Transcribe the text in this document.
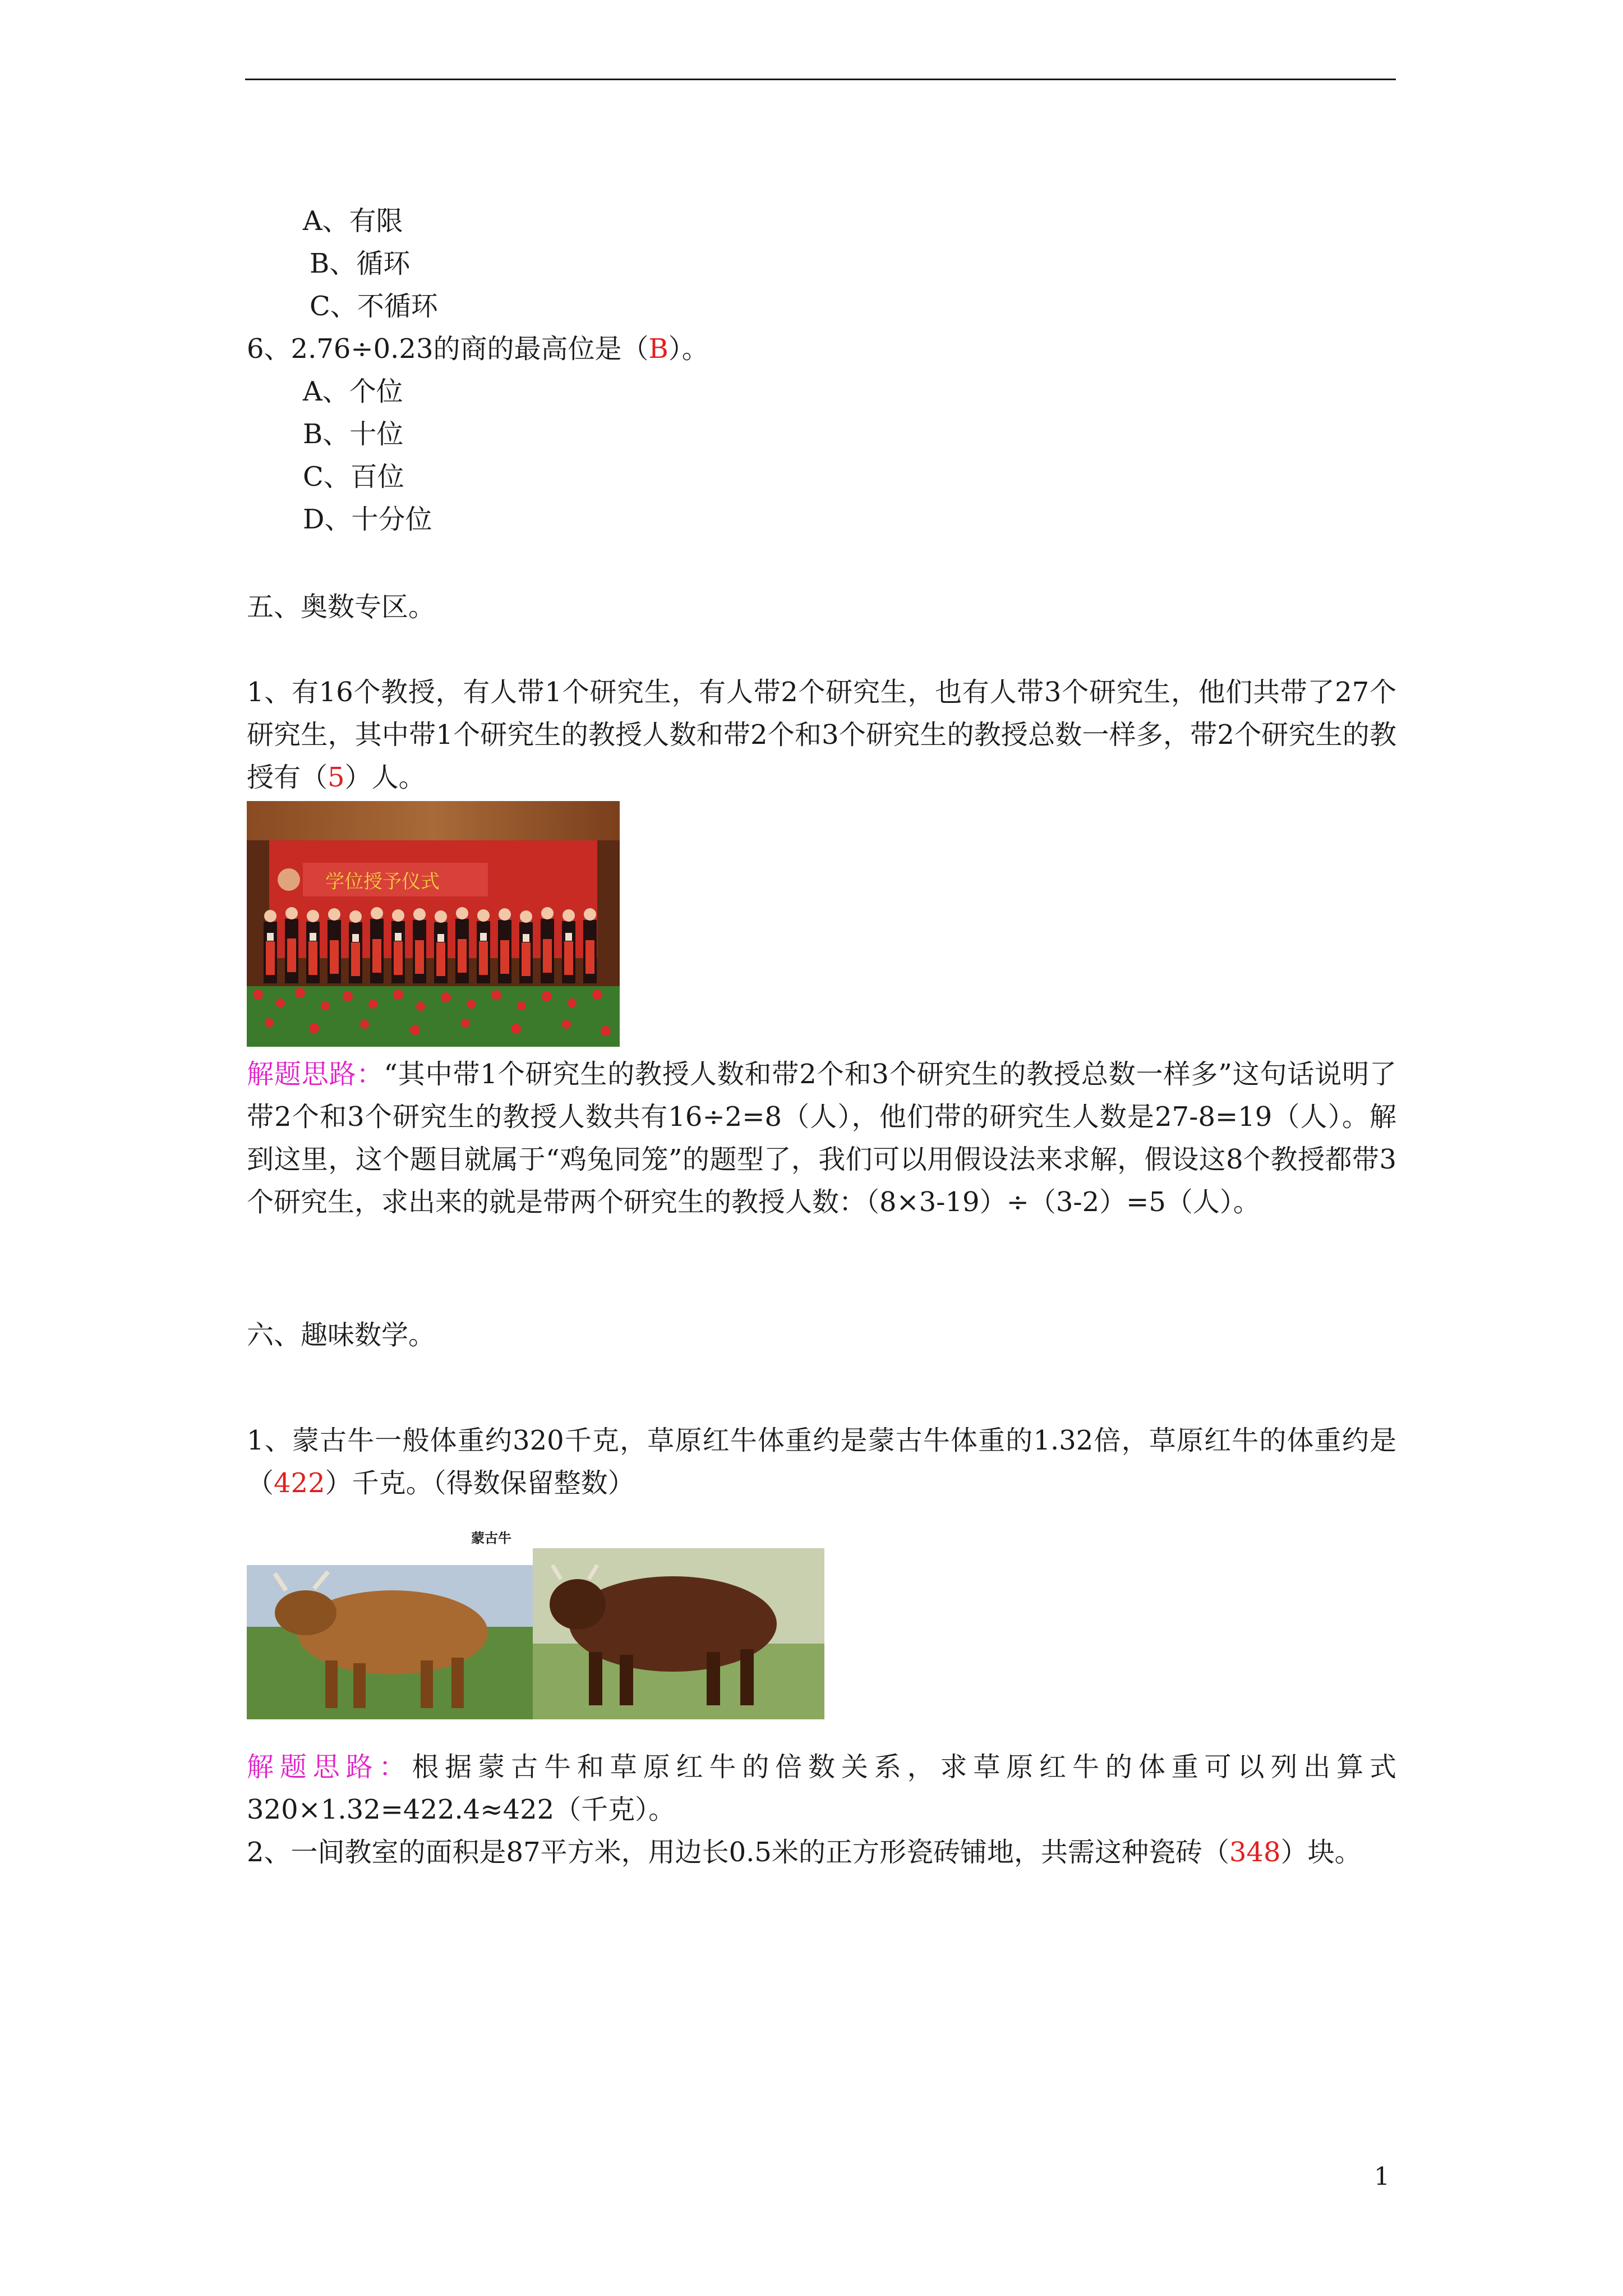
A、有限
B、循环
C、不循环
6、2.76÷0.23的商的最高位是（B）。
A、个位
B、十位
C、百位
D、十分位
五、奥数专区。
1、有16个教授，有人带1个研究生，有人带2个研究生，也有人带3个研究生，他们共带了27个研究生，其中带1个研究生的教授人数和带2个和3个研究生的教授总数一样多，带2个研究生的教授有（5）人。
学位授予仪式
解题思路：“其中带1个研究生的教授人数和带2个和3个研究生的教授总数一样多”这句话说明了带2个和3个研究生的教授人数共有16÷2=8（人），他们带的研究生人数是27-8=19（人）。解到这里，这个题目就属于“鸡兔同笼”的题型了，我们可以用假设法来求解，假设这8个教授都带3个研究生，求出来的就是带两个研究生的教授人数：（8×3-19）÷（3-2）=5（人）。
六、趣味数学。
1、蒙古牛一般体重约320千克，草原红牛体重约是蒙古牛体重的1.32倍，草原红牛的体重约是（422）千克。（得数保留整数）
蒙古牛
解题思路：根据蒙古牛和草原红牛的倍数关系，求草原红牛的体重可以列出算式320×1.32=422.4≈422（千克）。
2、一间教室的面积是87平方米，用边长0.5米的正方形瓷砖铺地，共需这种瓷砖（348）块。
1
